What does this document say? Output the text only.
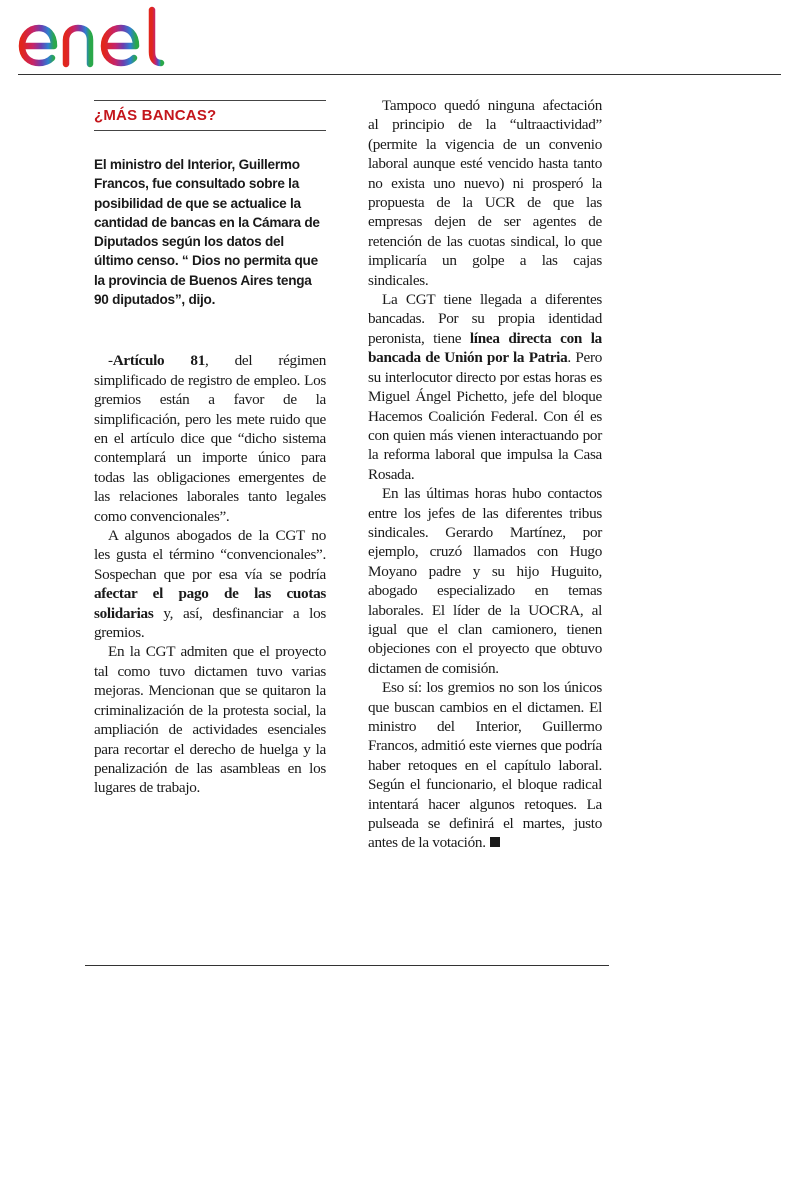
¿MÁS BANCAS?
El ministro del Interior, Guillermo Francos, fue consultado sobre la posibilidad de que se actualice la cantidad de bancas en la Cámara de Diputados según los datos del último censo. “ Dios no permita que la provincia de Buenos Aires tenga 90 diputados”, dijo.

-Artículo 81, del régimen simplificado de registro de empleo. Los gremios están a favor de la simplificación, pero les mete ruido que en el artículo dice que “dicho sistema contemplará un importe único para todas las obligaciones emergentes de las relaciones laborales tanto legales como convencionales”.

A algunos abogados de la CGT no les gusta el término “convencionales”. Sospechan que por esa vía se podría afectar el pago de las cuotas solidarias y, así, desfinanciar a los gremios.

En la CGT admiten que el proyecto tal como tuvo dictamen tuvo varias mejoras. Mencionan que se quitaron la criminalización de la protesta social, la ampliación de actividades esenciales para recortar el derecho de huelga y la penalización de las asambleas en los lugares de trabajo.

Tampoco quedó ninguna afectación al principio de la “ultraactividad” (permite la vigencia de un convenio laboral aunque esté vencido hasta tanto no exista uno nuevo) ni prosperó la propuesta de la UCR de que las empresas dejen de ser agentes de retención de las cuotas sindical, lo que implicaría un golpe a las cajas sindicales.

La CGT tiene llegada a diferentes bancadas. Por su propia identidad peronista, tiene línea directa con la bancada de Unión por la Patria. Pero su interlocutor directo por estas horas es Miguel Ángel Pichetto, jefe del bloque Hacemos Coalición Federal. Con él es con quien más vienen interactuando por la reforma laboral que impulsa la Casa Rosada.

En las últimas horas hubo contactos entre los jefes de las diferentes tribus sindicales. Gerardo Martínez, por ejemplo, cruzó llamados con Hugo Moyano padre y su hijo Huguito, abogado especializado en temas laborales. El líder de la UOCRA, al igual que el clan camionero, tienen objeciones con el proyecto que obtuvo dictamen de comisión.

Eso sí: los gremios no son los únicos que buscan cambios en el dictamen. El ministro del Interior, Guillermo Francos, admitió este viernes que podría haber retoques en el capítulo laboral. Según el funcionario, el bloque radical intentará hacer algunos retoques. La pulseada se definirá el martes, justo antes de la votación.
